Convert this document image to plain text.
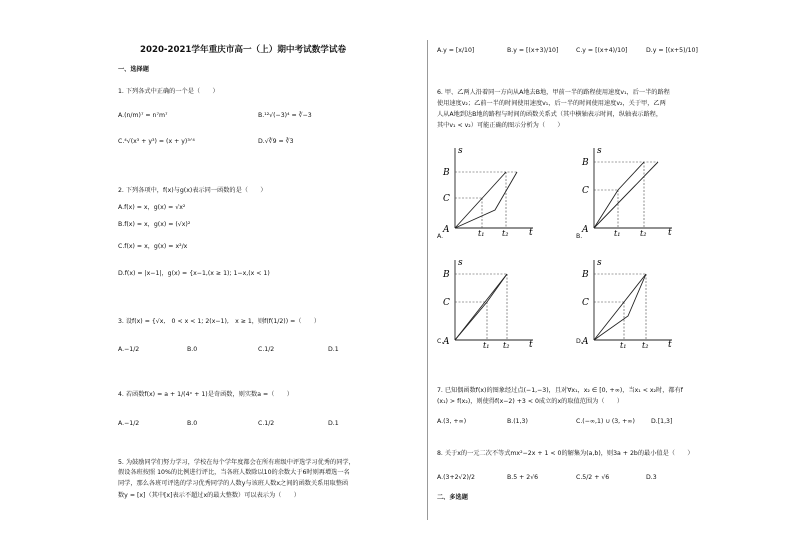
2020-2021学年重庆市高一（上）期中考试数学试卷
一、选择题
1. 下列各式中正确的一个是（　　）
A.(n/m)⁷ = n⁷m⁷	B.¹²√(−3)⁴ = ∛−3
C.⁴√(x³ + y³) = (x + y)³ᐟ⁴	D.√∛9 = ∛3
2. 下列各项中，f(x)与g(x)表示同一函数的是（　　）
A.f(x) = x，g(x) = √x²
B.f(x) = x，g(x) = (√x)²
C.f(x) = x，g(x) = x²/x
D.f(x) = |x−1|，g(x) = {x−1,(x ≥ 1); 1−x,(x < 1)
3. 设f(x) = {√x,　0 < x < 1; 2(x−1),　x ≥ 1，则f(f(1/2)) =（　　）
A.−1/2	B.0	C.1/2	D.1
4. 若函数f(x) = a + 1/(4ˣ + 1)是奇函数，则实数a =（　　）
A.−1/2	B.0	C.1/2	D.1
5. 为鼓励同学们努力学习，学校在每个学年度都会在所有班级中评选学习优秀的同学，
假设各班按照 10%的比例进行评比，当各班人数除以10的余数大于6时则再增选一名
同学，那么各班可评选的学习优秀同学的人数y与该班人数x之间的函数关系用取整函
数y = [x]（其中[x]表示不超过x的最大整数）可以表示为（　　）
A.y = [x/10]	B.y = [(x+3)/10]	C.y = [(x+4)/10]	D.y = [(x+5)/10]
6. 甲、乙两人沿着同一方向从A地去B地，甲前一半的路程使用速度v₁，后一半的路程
使用速度v₂；乙前一半的时间使用速度v₁，后一半的时间使用速度v₂，关于甲，乙两
人从A地到达B地的路程与时间的函数关系式（其中横轴表示时间，纵轴表示路程，
其中v₁ < v₂）可能正确的图示分析为（　　）
s
t
B
C
A	t₁ t₂
A.
s
t
B
C
A	t₁ t₂
B.
s
t
B
C
A	t₁ t₂
C.
s
t
B
C
A	t₁ t₂
D.
7. 已知偶函数f(x)的图象经过点(−1,−3)，且对∀x₁，x₂ ∈ [0, +∞)，当x₁ < x₂时，都有f
(x₁) > f(x₂)，则使得f(x−2) +3 < 0成立的x的取值范围为（　　）
A.(3, +∞)	B.(1,3)	C.(−∞,1) ∪ (3, +∞)	D.[1,3]
8. 关于x的一元二次不等式mx²−2x + 1 < 0的解集为(a,b)，则3a + 2b的最小值是（　　）
A.(3+2√2)/2	B.5 + 2√6	C.5/2 + √6	D.3
二、多选题
